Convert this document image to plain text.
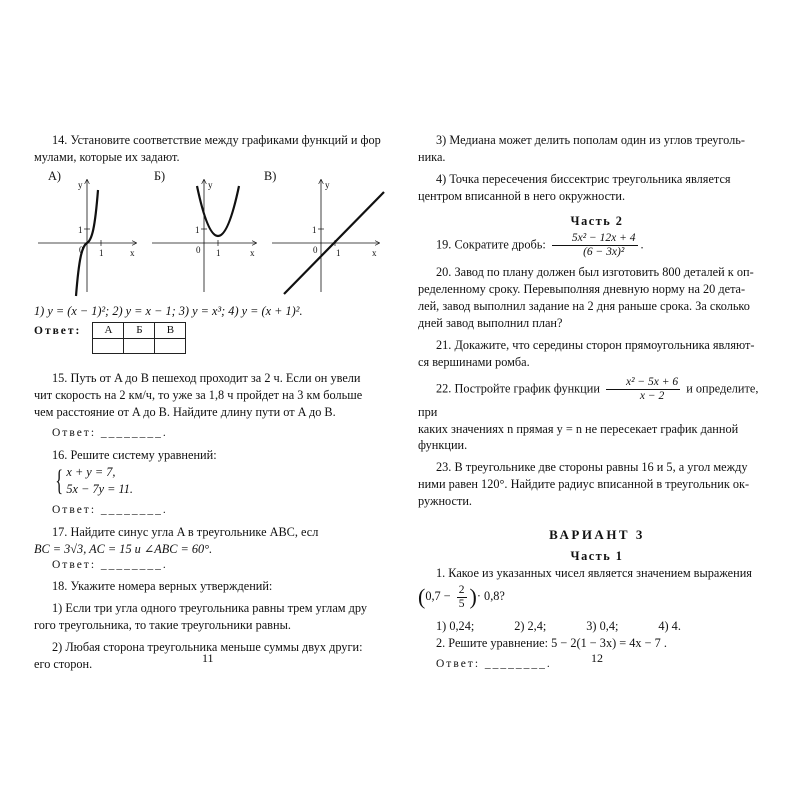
14. Установите соответствие между графиками функций и фор

мулами, которые их задают.

А)	Б)	В)
x
y
0 1
1
x
y
0 1
1
x
y
0 1
1

1) y = (x − 1)²; 2) y = x − 1; 3) y = x³; 4) y = (x + 1)².

Ответ: А	Б	В

15. Путь от A до B пешеход проходит за 2 ч. Если он увели

чит скорость на 2 км/ч, то уже за 1,8 ч пройдет на 3 км больше

чем расстояние от A до B. Найдите длину пути от A до B.

Ответ: ________.

16. Решите систему уравнений:

{ x + y = 7,
5x − 7y = 11.

Ответ: ________.

17. Найдите синус угла A в треугольнике ABC, есл

BC = 3√3, AC = 15 и ∠ABC = 60°.

Ответ: ________.

18. Укажите номера верных утверждений:

1) Если три угла одного треугольника равны трем углам дру

гого треугольника, то такие треугольники равны.

2) Любая сторона треугольника меньше суммы двух други:

его сторон.	11

3) Медиана может делить пополам один из углов треуголь-

ника.

4) Точка пересечения биссектрис треугольника является

центром вписанной в него окружности.

Часть 2

19. Сократите дробь: $\frac{\text{5x² − 12x + 4}}{\text{(6 − 3x)²}}$ .

20. Завод по плану должен был изготовить 800 деталей к оп-

ределенному сроку. Перевыполняя дневную норму на 20 детa-

лей, завод выполнил задание на 2 дня раньше срока. За сколько

дней завод выполнил план?

21. Докажите, что середины сторон прямоугольника являют-

ся вершинами ромба.

22. Постройте график функции $\frac{\text{x² − 5x + 6}}{x - 2}$ и определите, при

каких значениях n прямая y = n не пересекает график данной

функции.

23. В треугольнике две стороны равны 16 и 5, а угол между

ними равен 120°. Найдите радиус вписанной в треугольник ок-

ружности.

ВАРИАНТ 3

Часть 1

1. Какое из указанных чисел является значением выражения

($0,7 - \frac{2}{5}$ )· 0,8?

1) 0,24;             2) 2,4;             3) 0,4;             4) 4.

2. Решите уравнение: 5 − 2(1 − 3x) = 4x − 7 .

Ответ: ________.	12
